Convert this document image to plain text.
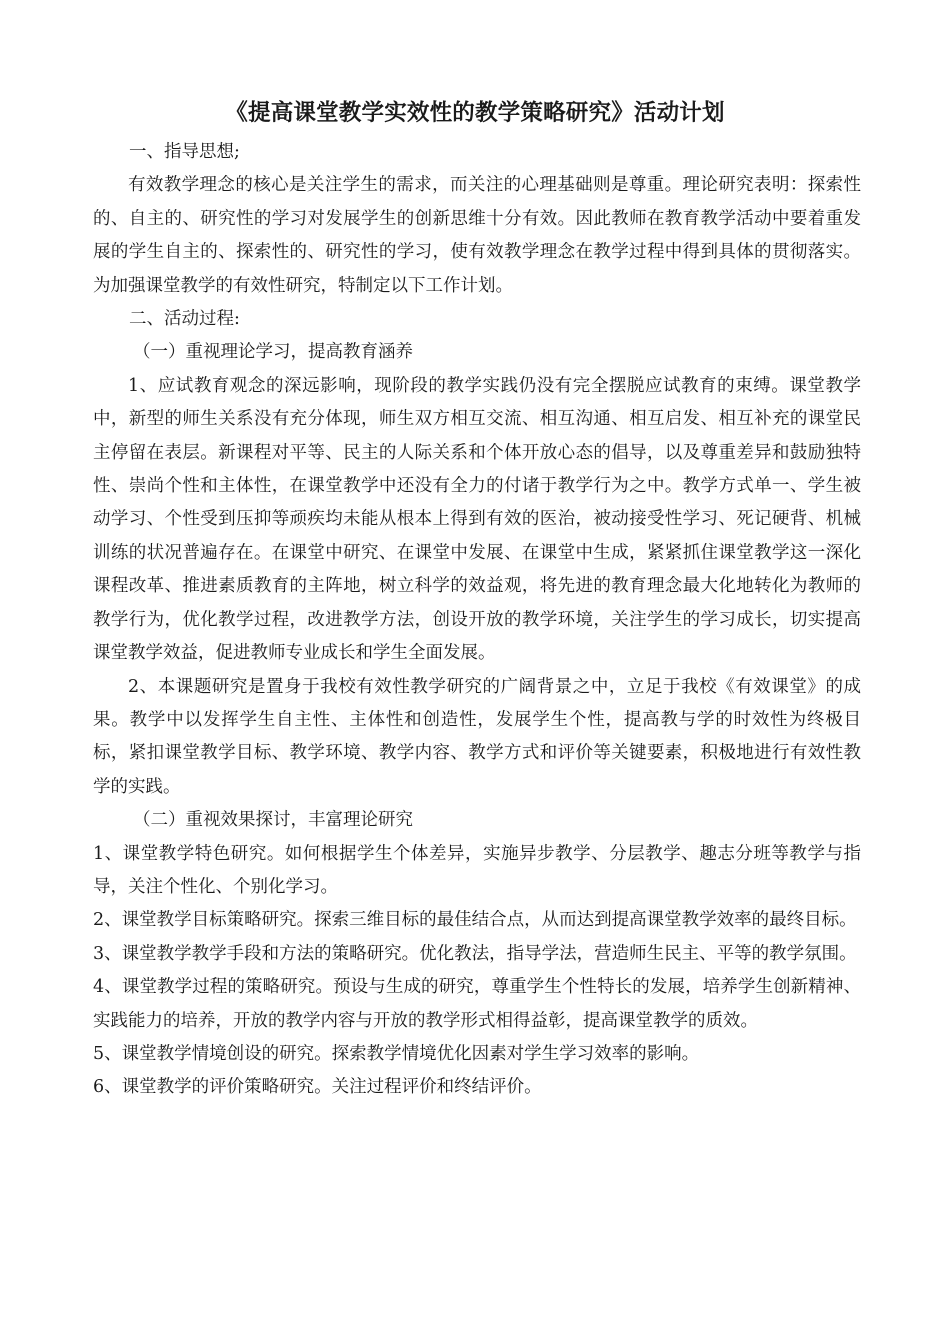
《提高课堂教学实效性的教学策略研究》活动计划

一、指导思想;

有效教学理念的核心是关注学生的需求，而关注的心理基础则是尊重。理论研究表明：探索性的、自主的、研究性的学习对发展学生的创新思维十分有效。因此教师在教育教学活动中要着重发展的学生自主的、探索性的、研究性的学习，使有效教学理念在教学过程中得到具体的贯彻落实。为加强课堂教学的有效性研究，特制定以下工作计划。

二、活动过程:

（一）重视理论学习，提高教育涵养

1、应试教育观念的深远影响，现阶段的教学实践仍没有完全摆脱应试教育的束缚。课堂教学中，新型的师生关系没有充分体现，师生双方相互交流、相互沟通、相互启发、相互补充的课堂民主停留在表层。新课程对平等、民主的人际关系和个体开放心态的倡导，以及尊重差异和鼓励独特性、崇尚个性和主体性，在课堂教学中还没有全力的付诸于教学行为之中。教学方式单一、学生被动学习、个性受到压抑等顽疾均未能从根本上得到有效的医治，被动接受性学习、死记硬背、机械训练的状况普遍存在。在课堂中研究、在课堂中发展、在课堂中生成，紧紧抓住课堂教学这一深化课程改革、推进素质教育的主阵地，树立科学的效益观，将先进的教育理念最大化地转化为教师的教学行为，优化教学过程，改进教学方法，创设开放的教学环境，关注学生的学习成长，切实提高课堂教学效益，促进教师专业成长和学生全面发展。

2、本课题研究是置身于我校有效性教学研究的广阔背景之中，立足于我校《有效课堂》的成果。教学中以发挥学生自主性、主体性和创造性，发展学生个性，提高教与学的时效性为终极目标，紧扣课堂教学目标、教学环境、教学内容、教学方式和评价等关键要素，积极地进行有效性教学的实践。

（二）重视效果探讨，丰富理论研究

1、课堂教学特色研究。如何根据学生个体差异，实施异步教学、分层教学、趣志分班等教学与指导，关注个性化、个别化学习。

2、课堂教学目标策略研究。探索三维目标的最佳结合点，从而达到提高课堂教学效率的最终目标。

3、课堂教学教学手段和方法的策略研究。优化教法，指导学法，营造师生民主、平等的教学氛围。

4、课堂教学过程的策略研究。预设与生成的研究，尊重学生个性特长的发展，培养学生创新精神、实践能力的培养，开放的教学内容与开放的教学形式相得益彰，提高课堂教学的质效。

5、课堂教学情境创设的研究。探索教学情境优化因素对学生学习效率的影响。

6、课堂教学的评价策略研究。关注过程评价和终结评价。
